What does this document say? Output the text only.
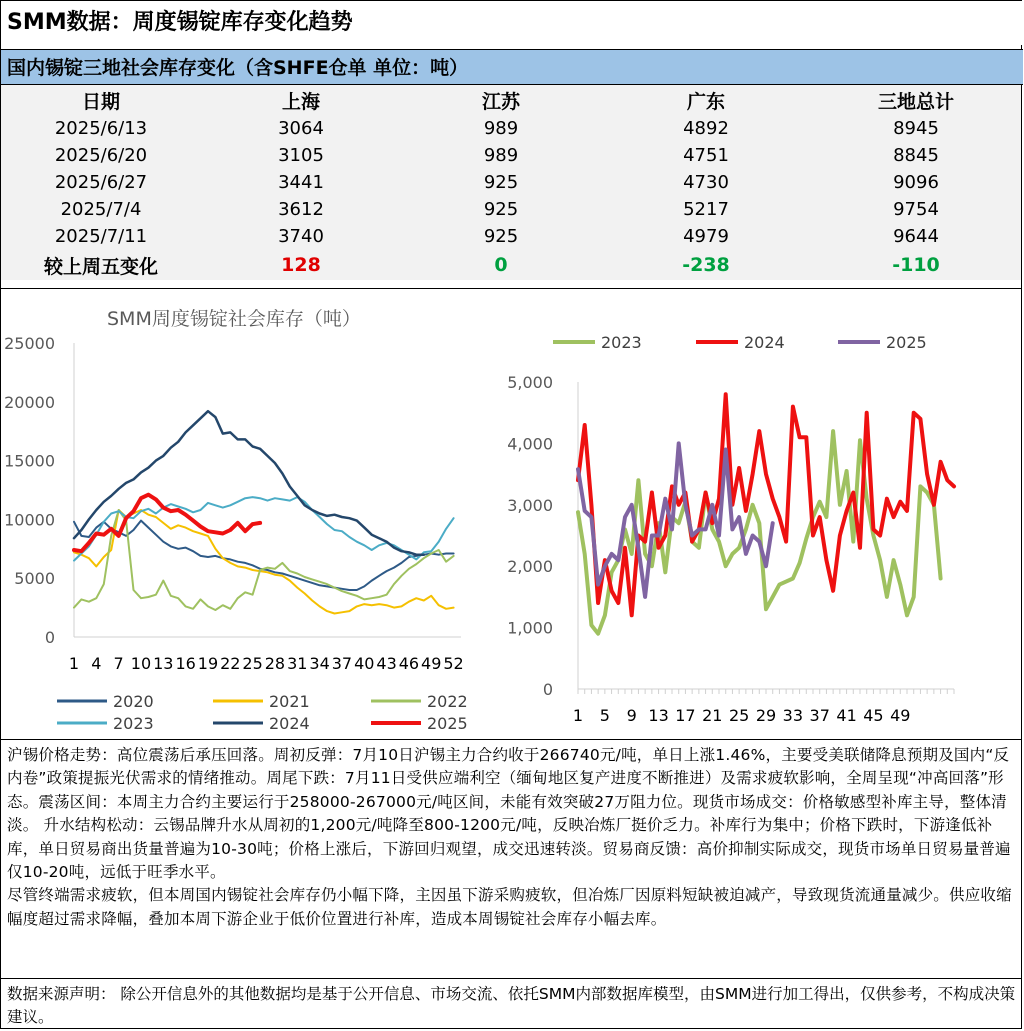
SMM数据：周度锡锭库存变化趋势
国内锡锭三地社会库存变化（含SHFE仓单 单位：吨）
日期	上海	江苏	广东	三地总计
2025/6/13	3064	989	4892	8945
2025/6/20	3105	989	4751	8845
2025/6/27	3441	925	4730	9096
2025/7/4	3612	925	5217	9754
2025/7/11	3740	925	4979	9644
较上周五变化	128	0	-238	-110
SMM周度锡锭社会库存（吨）
25000
20000
15000
10000
5000
0
1 4 7 10 13 16 19 22 25 28 31 34 37 40 43 46 49 52
2020	2021	2022
2023	2024	2025
5,000
4,000
3,000
2,000
1,000
0
1 5 9 13 17 21 25 29 33 37 41 45 49
2023	2024	2025

沪锡价格走势：高位震荡后承压回落。周初反弹：7月10日沪锡主力合约收于266740元/吨，单日上涨1.46%，主要受美联储降息预期及国内“反内卷”政策提振光伏需求的情绪推动。周尾下跌：7月11日受供应端利空（缅甸地区复产进度不断推进）及需求疲软影响，全周呈现“冲高回落”形态。震荡区间：本周主力合约主要运行于258000-267000元/吨区间，未能有效突破27万阻力位。现货市场成交：价格敏感型补库主导，整体清淡。 升水结构松动：云锡品牌升水从周初的1,200元/吨降至800-1200元/吨，反映冶炼厂挺价乏力。补库行为集中；价格下跌时，下游逢低补库，单日贸易商出货量普遍为10-30吨；价格上涨后，下游回归观望，成交迅速转淡。贸易商反馈：高价抑制实际成交，现货市场单日贸易量普遍仅10-20吨，远低于旺季水平。

尽管终端需求疲软，但本周国内锡锭社会库存仍小幅下降，主因虽下游采购疲软，但冶炼厂因原料短缺被迫减产，导致现货流通量减少。供应收缩幅度超过需求降幅，叠加本周下游企业于低价位置进行补库，造成本周锡锭社会库存小幅去库。

数据来源声明： 除公开信息外的其他数据均是基于公开信息、市场交流、依托SMM内部数据库模型，由SMM进行加工得出，仅供参考，不构成决策建议。
